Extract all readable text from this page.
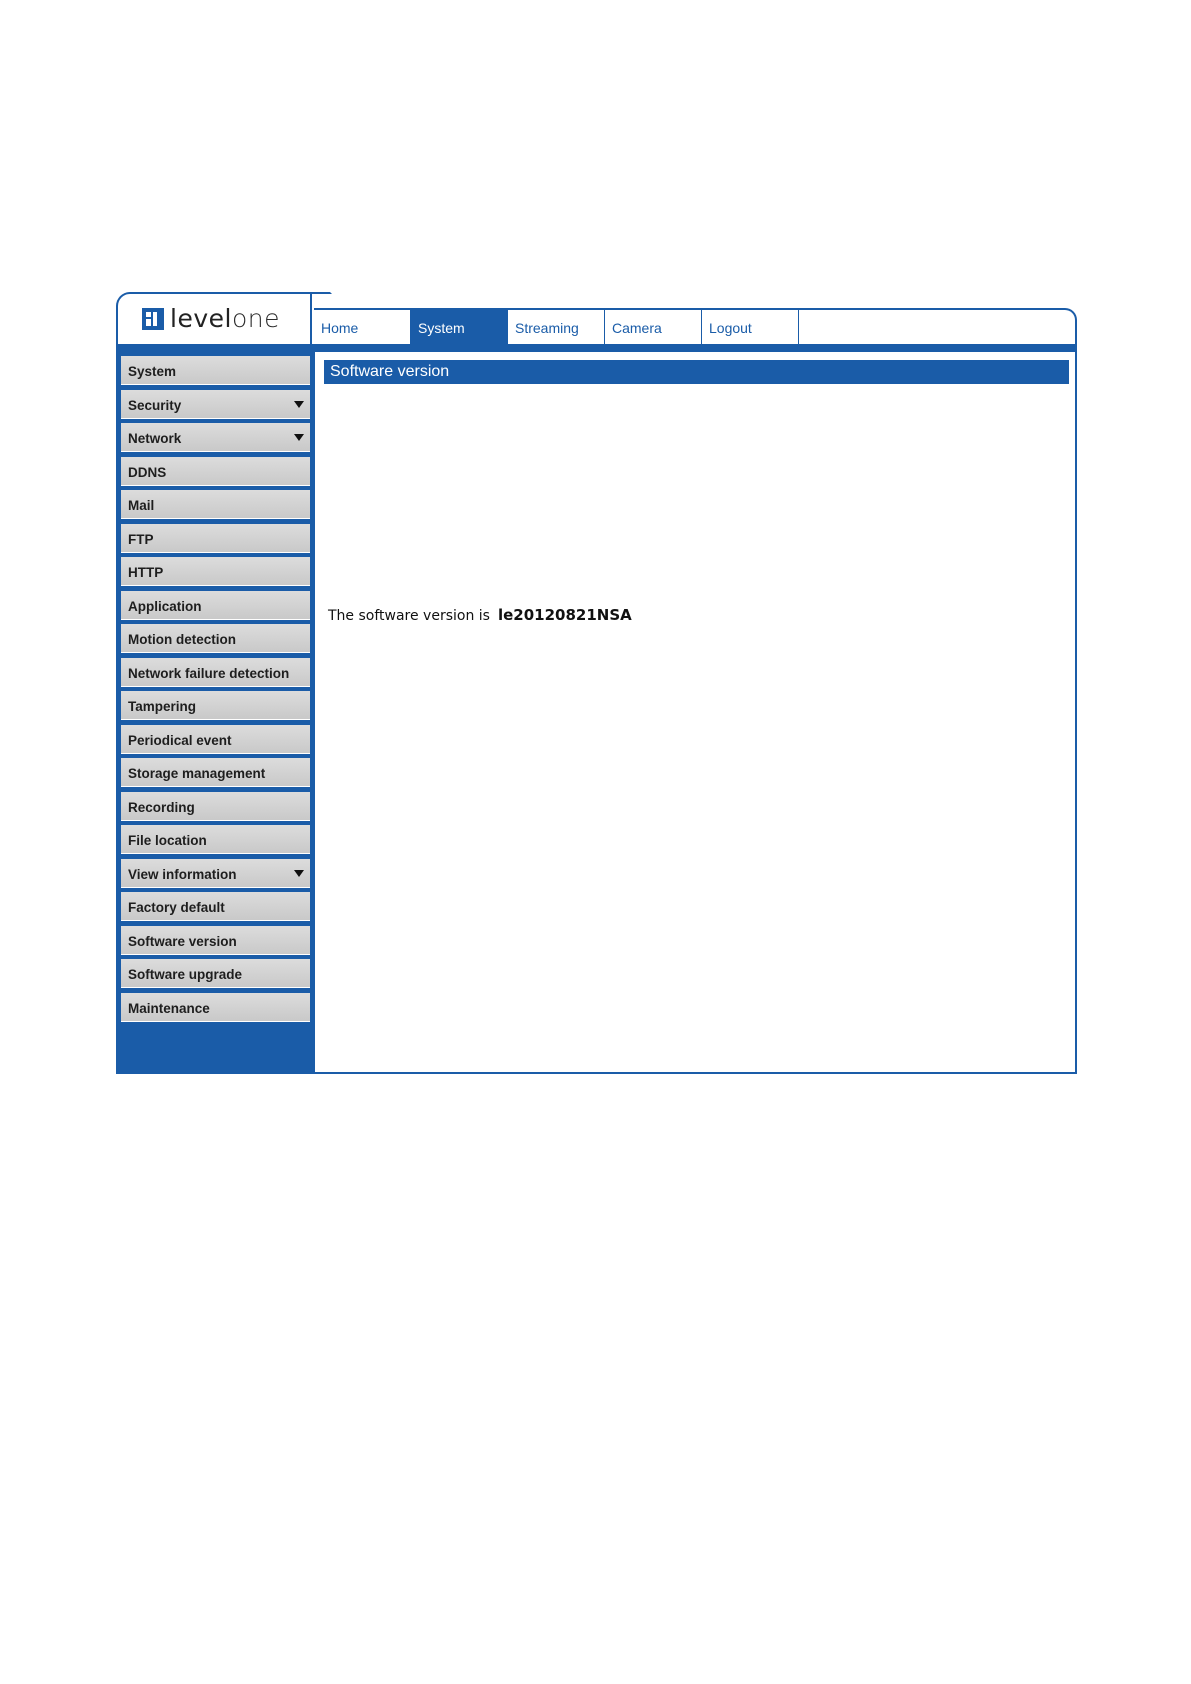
levelone	Home	System	Streaming	Camera	Logout
System
Security
Network
DDNS
Mail
FTP
HTTP
Application
Motion detection
Network failure detection
Tampering
Periodical event
Storage management
Recording
File location
View information
Factory default
Software version
Software upgrade
Maintenance
Software version
The software version is le20120821NSA
